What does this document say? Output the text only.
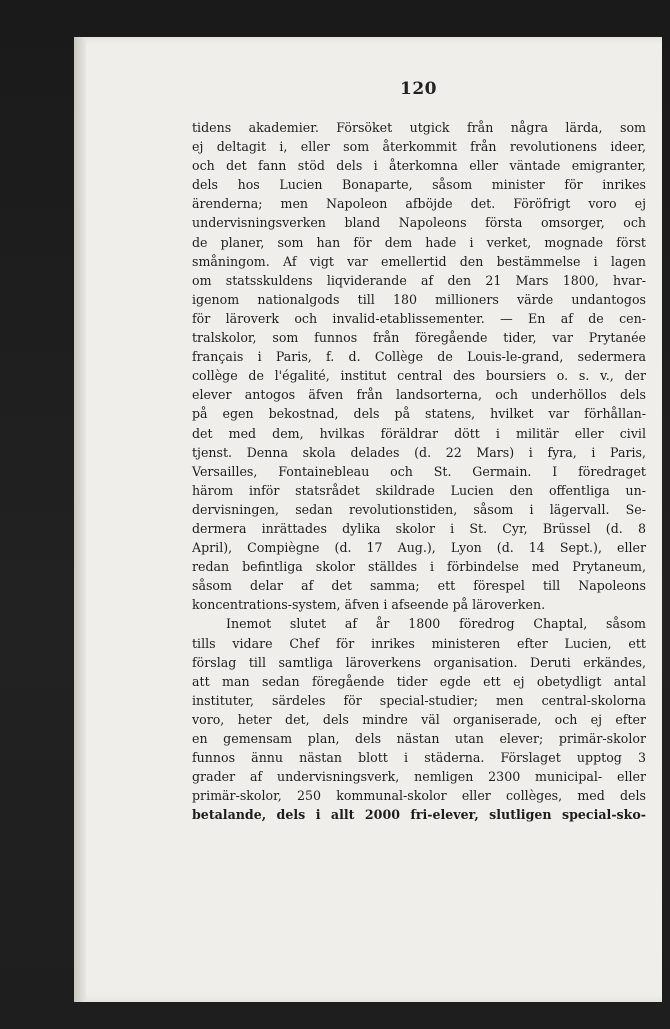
120
tidens akademier. Försöket utgick från några lärda, som
ej deltagit i, eller som återkommit från revolutionens ideer,
och det fann stöd dels i återkomna eller väntade emigranter,
dels hos Lucien Bonaparte, såsom minister för inrikes
ärenderna; men Napoleon afböjde det. Föröfrigt voro ej
undervisningsverken bland Napoleons första omsorger, och
de planer, som han för dem hade i verket, mognade först
småningom. Af vigt var emellertid den bestämmelse i lagen
om statsskuldens liqviderande af den 21 Mars 1800, hvar-
igenom nationalgods till 180 millioners värde undantogos
för läroverk och invalid-etablissementer. — En af de cen-
tralskolor, som funnos från föregående tider, var Prytanée
français i Paris, f. d. Collège de Louis-le-grand, sedermera
collège de l'égalité, institut central des boursiers o. s. v., der
elever antogos äfven från landsorterna, och underhöllos dels
på egen bekostnad, dels på statens, hvilket var förhållan-
det med dem, hvilkas föräldrar dött i militär eller civil
tjenst. Denna skola delades (d. 22 Mars) i fyra, i Paris,
Versailles, Fontainebleau och St. Germain. I föredraget
härom inför statsrådet skildrade Lucien den offentliga un-
dervisningen, sedan revolutionstiden, såsom i lägervall. Se-
dermera inrättades dylika skolor i St. Cyr, Brüssel (d. 8
April), Compiègne (d. 17 Aug.), Lyon (d. 14 Sept.), eller
redan befintliga skolor ställdes i förbindelse med Prytaneum,
såsom delar af det samma; ett förespel till Napoleons
koncentrations-system, äfven i afseende på läroverken.
Inemot slutet af år 1800 föredrog Chaptal, såsom
tills vidare Chef för inrikes ministeren efter Lucien, ett
förslag till samtliga läroverkens organisation. Deruti erkändes,
att man sedan föregående tider egde ett ej obetydligt antal
instituter, särdeles för special-studier; men central-skolorna
voro, heter det, dels mindre väl organiserade, och ej efter
en gemensam plan, dels nästan utan elever; primär-skolor
funnos ännu nästan blott i städerna. Förslaget upptog 3
grader af undervisningsverk, nemligen 2300 municipal- eller
primär-skolor, 250 kommunal-skolor eller collèges, med dels
betalande, dels i allt 2000 fri-elever, slutligen special-sko-
